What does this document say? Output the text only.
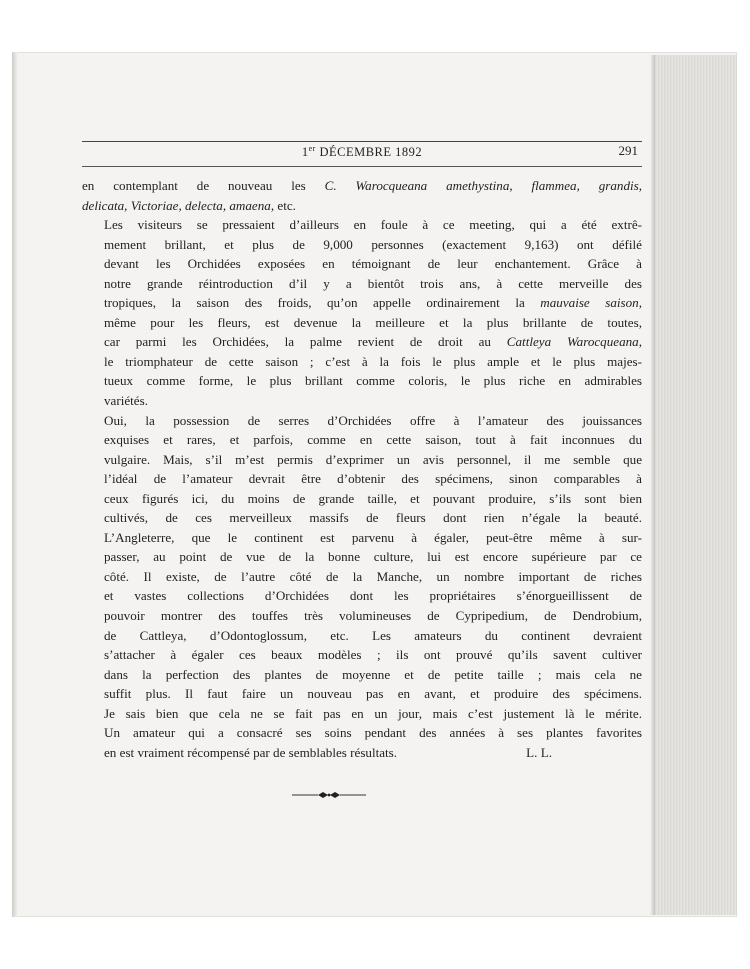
1er DÉCEMBRE 1892	291

en contemplant de nouveau les C. Warocqueana amethystina, flammea, grandis,
delicata, Victoriae, delecta, amaena, etc.

Les visiteurs se pressaient d’ailleurs en foule à ce meeting, qui a été extrê-
mement brillant, et plus de 9,000 personnes (exactement 9,163) ont défilé
devant les Orchidées exposées en témoignant de leur enchantement. Grâce à
notre grande réintroduction d’il y a bientôt trois ans, à cette merveille des
tropiques, la saison des froids, qu’on appelle ordinairement la mauvaise saison,
même pour les fleurs, est devenue la meilleure et la plus brillante de toutes,
car parmi les Orchidées, la palme revient de droit au Cattleya Warocqueana,
le triomphateur de cette saison ; c’est à la fois le plus ample et le plus majes-
tueux comme forme, le plus brillant comme coloris, le plus riche en admirables
variétés.

Oui, la possession de serres d’Orchidées offre à l’amateur des jouissances
exquises et rares, et parfois, comme en cette saison, tout à fait inconnues du
vulgaire. Mais, s’il m’est permis d’exprimer un avis personnel, il me semble que
l’idéal de l’amateur devrait être d’obtenir des spécimens, sinon comparables à
ceux figurés ici, du moins de grande taille, et pouvant produire, s’ils sont bien
cultivés, de ces merveilleux massifs de fleurs dont rien n’égale la beauté.
L’Angleterre, que le continent est parvenu à égaler, peut-être même à sur-
passer, au point de vue de la bonne culture, lui est encore supérieure par ce
côté. Il existe, de l’autre côté de la Manche, un nombre important de riches
et vastes collections d’Orchidées dont les propriétaires s’énorgueillissent de
pouvoir montrer des touffes très volumineuses de Cypripedium, de Dendrobium,
de Cattleya, d’Odontoglossum, etc. Les amateurs du continent devraient
s’attacher à égaler ces beaux modèles ; ils ont prouvé qu’ils savent cultiver
dans la perfection des plantes de moyenne et de petite taille ; mais cela ne
suffit plus. Il faut faire un nouveau pas en avant, et produire des spécimens.
Je sais bien que cela ne se fait pas en un jour, mais c’est justement là le mérite.
Un amateur qui a consacré ses soins pendant des années à ses plantes favorites
en est vraiment récompensé par de semblables résultats.	L. L.
